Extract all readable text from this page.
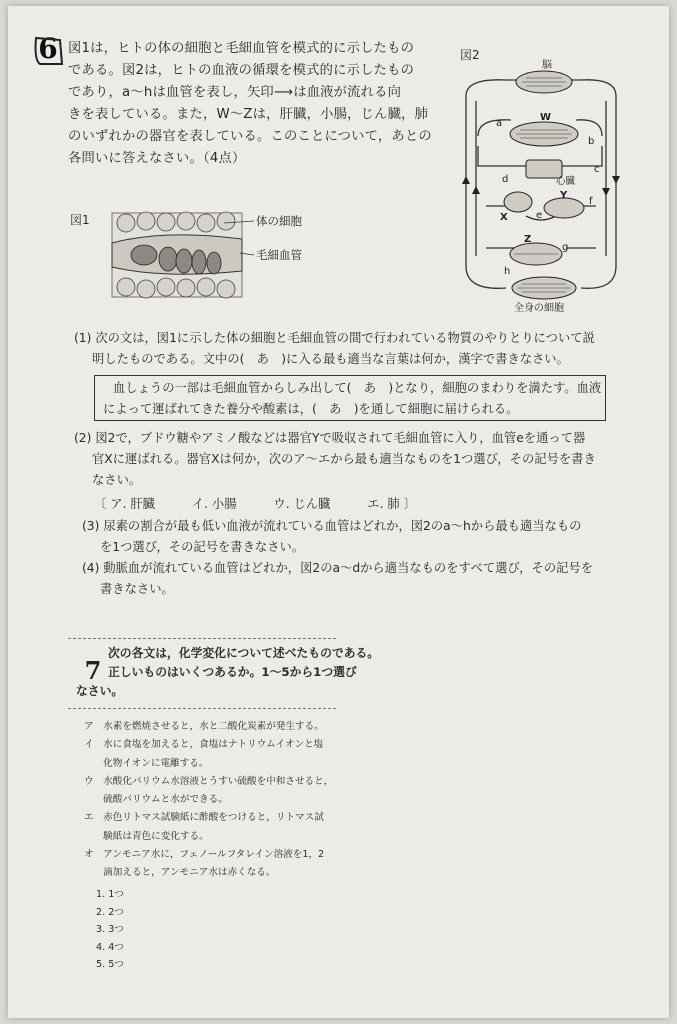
6 図1は，ヒトの体の細胞と毛細血管を模式的に示したもの
である。図2は，ヒトの血液の循環を模式的に示したもの
であり，a～hは血管を表し，矢印⟶は血液が流れる向
きを表している。また，W～Zは，肝臓，小腸，じん臓，肺
のいずれかの器官を表している。このことについて，あとの
各問いに答えなさい。（4点）
図1	体の細胞
毛細血管
図2
脳
全身の細胞
心臓
a
b
c
d
e
f
g
h
W
X
Y
Z
(1) 次の文は，図1に示した体の細胞と毛細血管の間で行われている物質のやりとりについて説
明したものである。文中の(　あ　)に入る最も適当な言葉は何か，漢字で書きなさい。
血しょうの一部は毛細血管からしみ出して(　あ　)となり，細胞のまわりを満たす。血液
によって運ばれてきた養分や酸素は，(　あ　)を通して細胞に届けられる。
(2) 図2で，ブドウ糖やアミノ酸などは器官Yで吸収されて毛細血管に入り，血管eを通って器
官Xに運ばれる。器官Xは何か，次のア～エから最も適当なものを1つ選び，その記号を書き
なさい。
〔 ア. 肝臓　　　イ. 小腸　　　ウ. じん臓　　　エ. 肺 〕
(3) 尿素の割合が最も低い血液が流れている血管はどれか，図2のa～hから最も適当なもの
を1つ選び，その記号を書きなさい。
(4) 動脈血が流れている血管はどれか，図2のa～dから適当なものをすべて選び，その記号を
書きなさい。
次の各文は，化学変化について述べたものである。
正しいものはいくつあるか。1～5から1つ選び
なさい。
7
ア　水素を燃焼させると，水と二酸化炭素が発生する。
イ　水に食塩を加えると，食塩はナトリウムイオンと塩
　　化物イオンに電離する。
ウ　水酸化バリウム水溶液とうすい硫酸を中和させると，
　　硫酸バリウムと水ができる。
エ　赤色リトマス試験紙に酢酸をつけると，リトマス試
　　験紙は青色に変化する。
オ　アンモニア水に，フェノールフタレイン溶液を1，2
　　滴加えると，アンモニア水は赤くなる。
1. 1つ
2. 2つ
3. 3つ
4. 4つ
5. 5つ
